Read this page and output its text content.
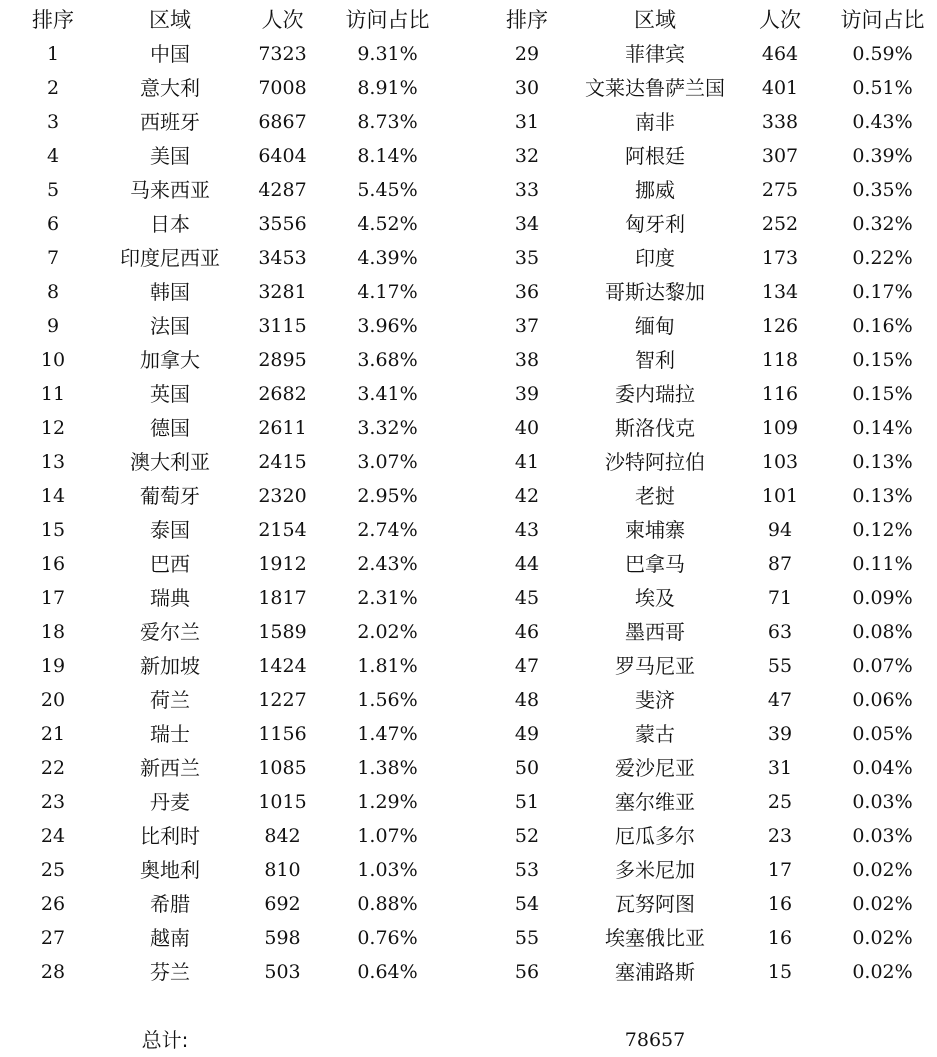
排序	区域	人次	访问占比	排序	区域	人次	访问占比
1	中国	7323	9.31%	29	菲律宾	464	0.59%
2	意大利	7008	8.91%	30	文莱达鲁萨兰国	401	0.51%
3	西班牙	6867	8.73%	31	南非	338	0.43%
4	美国	6404	8.14%	32	阿根廷	307	0.39%
5	马来西亚	4287	5.45%	33	挪威	275	0.35%
6	日本	3556	4.52%	34	匈牙利	252	0.32%
7	印度尼西亚	3453	4.39%	35	印度	173	0.22%
8	韩国	3281	4.17%	36	哥斯达黎加	134	0.17%
9	法国	3115	3.96%	37	缅甸	126	0.16%
10	加拿大	2895	3.68%	38	智利	118	0.15%
11	英国	2682	3.41%	39	委内瑞拉	116	0.15%
12	德国	2611	3.32%	40	斯洛伐克	109	0.14%
13	澳大利亚	2415	3.07%	41	沙特阿拉伯	103	0.13%
14	葡萄牙	2320	2.95%	42	老挝	101	0.13%
15	泰国	2154	2.74%	43	柬埔寨	94	0.12%
16	巴西	1912	2.43%	44	巴拿马	87	0.11%
17	瑞典	1817	2.31%	45	埃及	71	0.09%
18	爱尔兰	1589	2.02%	46	墨西哥	63	0.08%
19	新加坡	1424	1.81%	47	罗马尼亚	55	0.07%
20	荷兰	1227	1.56%	48	斐济	47	0.06%
21	瑞士	1156	1.47%	49	蒙古	39	0.05%
22	新西兰	1085	1.38%	50	爱沙尼亚	31	0.04%
23	丹麦	1015	1.29%	51	塞尔维亚	25	0.03%
24	比利时	842	1.07%	52	厄瓜多尔	23	0.03%
25	奥地利	810	1.03%	53	多米尼加	17	0.02%
26	希腊	692	0.88%	54	瓦努阿图	16	0.02%
27	越南	598	0.76%	55	埃塞俄比亚	16	0.02%
28	芬兰	503	0.64%	56	塞浦路斯	15	0.02%
总计:	78657
